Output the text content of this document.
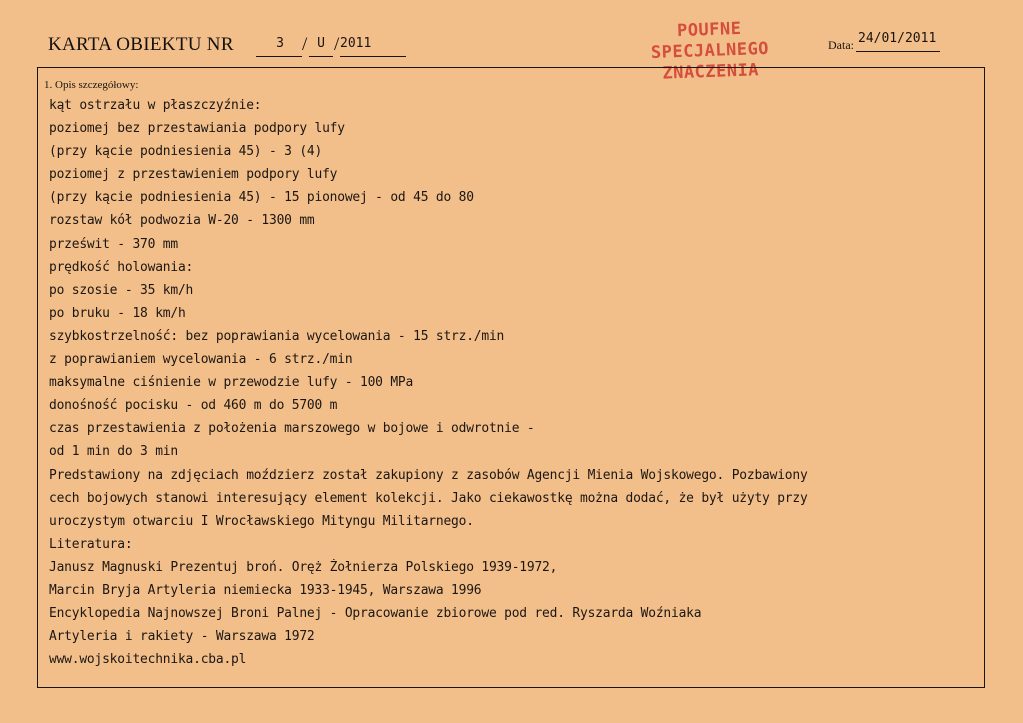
KARTA OBIEKTU NR	3 / U / 2011
POUFNE
SPECJALNEGO
ZNACZENIA
Data: 24/01/2011
1. Opis szczegółowy:
kąt ostrzału w płaszczyźnie:
poziomej bez przestawiania podpory lufy
(przy kącie podniesienia 45) - 3 (4)
poziomej z przestawieniem podpory lufy
(przy kącie podniesienia 45) - 15 pionowej - od 45 do 80
rozstaw kół podwozia W-20 - 1300 mm
prześwit - 370 mm
prędkość holowania:
po szosie - 35 km/h
po bruku - 18 km/h
szybkostrzelność: bez poprawiania wycelowania - 15 strz./min
z poprawianiem wycelowania - 6 strz./min
maksymalne ciśnienie w przewodzie lufy - 100 MPa
donośność pocisku - od 460 m do 5700 m
czas przestawienia z położenia marszowego w bojowe i odwrotnie -
od 1 min do 3 min
Predstawiony na zdjęciach moździerz został zakupiony z zasobów Agencji Mienia Wojskowego. Pozbawiony
cech bojowych stanowi interesujący element kolekcji. Jako ciekawostkę można dodać, że był użyty przy
uroczystym otwarciu I Wrocławskiego Mityngu Militarnego.
Literatura:
Janusz Magnuski Prezentuj broń. Oręż Żołnierza Polskiego 1939-1972,
Marcin Bryja Artyleria niemiecka 1933-1945, Warszawa 1996
Encyklopedia Najnowszej Broni Palnej - Opracowanie zbiorowe pod red. Ryszarda Woźniaka
Artyleria i rakiety - Warszawa 1972
www.wojskoitechnika.cba.pl
